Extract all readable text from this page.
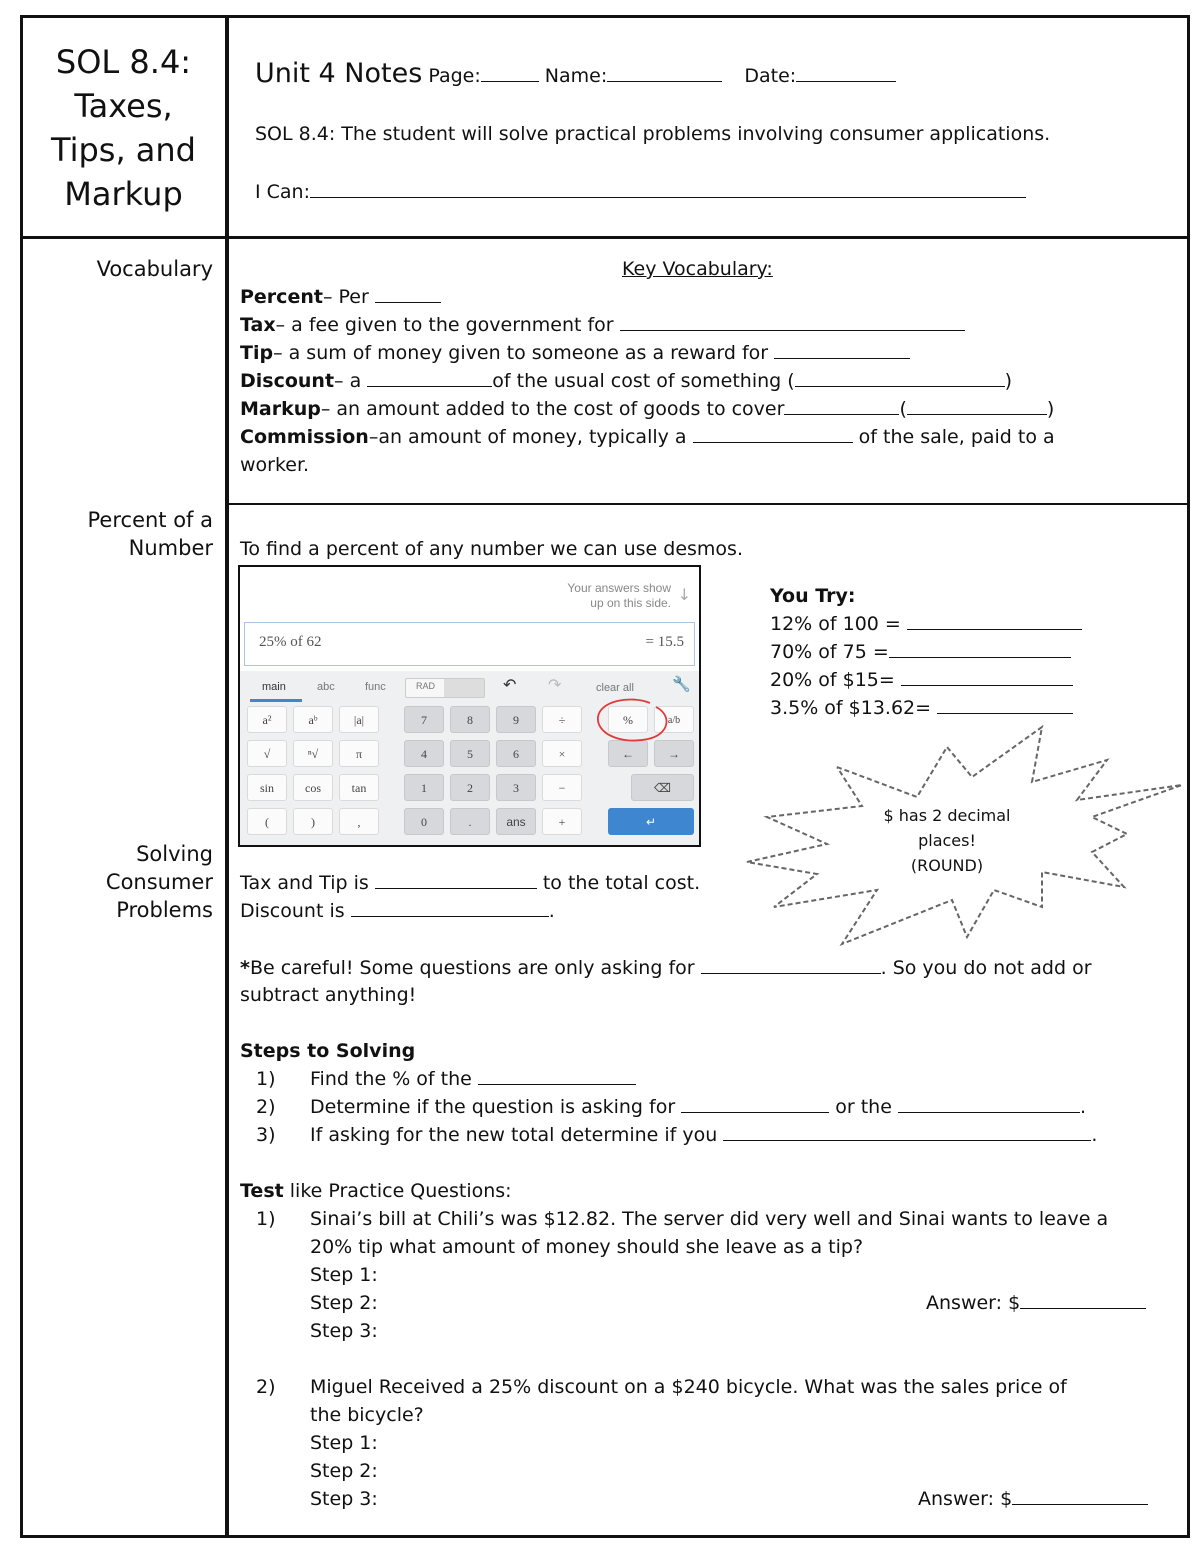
SOL 8.4:
Taxes,
Tips, and
Markup
Unit 4 Notes Page:	Name:	Date:
SOL 8.4: The student will solve practical problems involving consumer applications.
I Can:
Vocabulary
Percent of a
Number
Solving
Consumer
Problems
Key Vocabulary:
Percent– Per
Tax– a fee given to the government for
Tip– a sum of money given to someone as a reward for
Discount– a	of the usual cost of something (	)
Markup– an amount added to the cost of goods to cover	(	)
Commission–an amount of money, typically a	of the sale, paid to a
worker.
To find a percent of any number we can use desmos.
Your answers show
up on this side. ↓
25% of 62	= 15.5
main	abc	func	RAD	↶ ↷	clear all	🔧
a²	aᵇ	|a|	7	8	9	÷	%	a/b
√	ⁿ√	π	4	5	6	×	←	→
sin	cos	tan	1	2	3	−	⌫
(	)	,	0	.	ans	+	↵
You Try:
12% of 100 =
70% of 75 =
20% of $15=
3.5% of $13.62=
$ has 2 decimal
places!
(ROUND)
Tax and Tip is	to the total cost.
Discount is	.
*Be careful! Some questions are only asking for	. So you do not add or
subtract anything!
Steps to Solving
1) Find the % of the
2) Determine if the question is asking for	or the	.
3) If asking for the new total determine if you	.
Test like Practice Questions:
1) Sinai’s bill at Chili’s was $12.82. The server did very well and Sinai wants to leave a
20% tip what amount of money should she leave as a tip?
Step 1:
Step 2:
Step 3:
Answer: $
2) Miguel Received a 25% discount on a $240 bicycle. What was the sales price of
the bicycle?
Step 1:
Step 2:
Step 3:	Answer: $
